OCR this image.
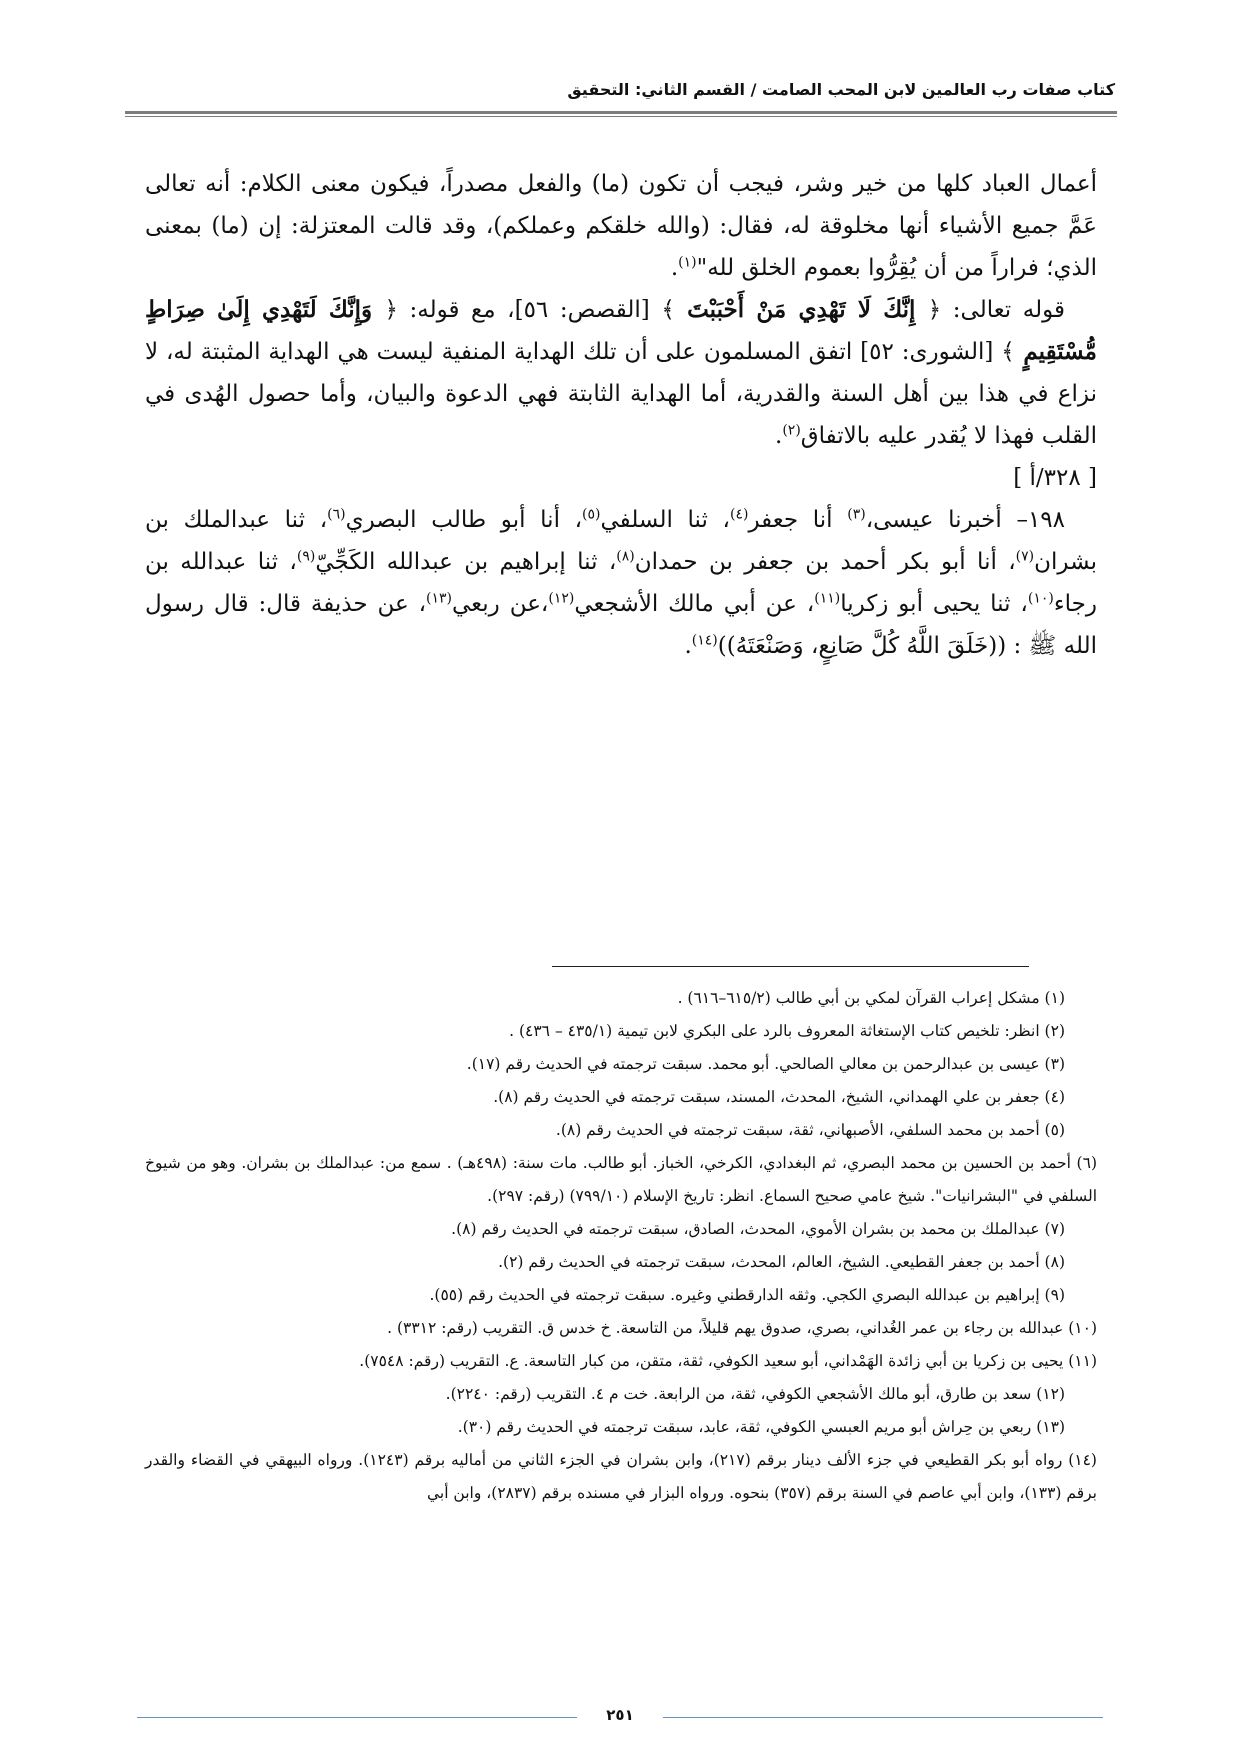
كتاب صفات رب العالمين لابن المحب الصامت / القسم الثاني: التحقيق

أعمال العباد كلها من خير وشر، فيجب أن تكون (ما) والفعل مصدراً، فيكون معنى الكلام: أنه تعالى عَمَّ جميع الأشياء أنها مخلوقة له، فقال: (والله خلقكم وعملكم)، وقد قالت المعتزلة: إن (ما) بمعنى الذي؛ فراراً من أن يُقِرُّوا بعموم الخلق لله"$^{(١)}$.

قوله تعالى: ﴿ إِنَّكَ لَا تَهْدِي مَنْ أَحْبَبْتَ ﴾ [القصص: ٥٦]، مع قوله: ﴿ وَإِنَّكَ لَتَهْدِي إِلَىٰ صِرَاطٍ مُّسْتَقِيمٍ ﴾ [الشورى: ٥٢] اتفق المسلمون على أن تلك الهداية المنفية ليست هي الهداية المثبتة له، لا نزاع في هذا بين أهل السنة والقدرية، أما الهداية الثابتة فهي الدعوة والبيان، وأما حصول الهُدى في القلب فهذا لا يُقدر عليه بالاتفاق$^{(٢)}$.

[ ٣٢٨/أ ]

١٩٨– أخبرنا عيسى،$^{(٣)}$ أنا جعفر$^{(٤)}$، ثنا السلفي$^{(٥)}$، أنا أبو طالب البصري$^{(٦)}$، ثنا عبدالملك بن بشران$^{(٧)}$، أنا أبو بكر أحمد بن جعفر بن حمدان$^{(٨)}$، ثنا إبراهيم بن عبدالله الكَجِّيّ$^{(٩)}$، ثنا عبدالله بن رجاء$^{(١٠)}$، ثنا يحيى أبو زكريا$^{(١١)}$، عن أبي مالك الأشجعي$^{(١٢)}$،عن ربعي$^{(١٣)}$، عن حذيفة قال: قال رسول الله ﷺ : ((خَلَقَ اللَّهُ كُلَّ صَانِعٍ، وَصَنْعَتَهُ))$^{(١٤)}$.

(١) مشكل إعراب القرآن لمكي بن أبي طالب (٦١٥/٢–٦١٦) .

(٢) انظر: تلخيص كتاب الإستغاثة المعروف بالرد على البكري لابن تيمية (٤٣٥/١ – ٤٣٦) .

(٣) عيسى بن عبدالرحمن بن معالي الصالحي. أبو محمد. سبقت ترجمته في الحديث رقم (١٧).

(٤) جعفر بن علي الهمداني، الشيخ، المحدث، المسند، سبقت ترجمته في الحديث رقم (٨).

(٥) أحمد بن محمد السلفي، الأصبهاني، ثقة، سبقت ترجمته في الحديث رقم (٨).

(٦) أحمد بن الحسين بن محمد البصري، ثم البغدادي، الكرخي، الخباز. أبو طالب. مات سنة: (٤٩٨هـ) . سمع من: عبدالملك بن بشران. وهو من شيوخ السلفي في "البشرانيات". شيخ عامي صحيح السماع. انظر: تاريخ الإسلام (٧٩٩/١٠) (رقم: ٢٩٧).

(٧) عبدالملك بن محمد بن بشران الأموي، المحدث، الصادق، سبقت ترجمته في الحديث رقم (٨).

(٨) أحمد بن جعفر القطيعي. الشيخ، العالم، المحدث، سبقت ترجمته في الحديث رقم (٢).

(٩) إبراهيم بن عبدالله البصري الكجي. وثقه الدارقطني وغيره. سبقت ترجمته في الحديث رقم (٥٥).

(١٠) عبدالله بن رجاء بن عمر الغُداني، بصري، صدوق يهم قليلاً، من التاسعة. خ خدس ق. التقريب (رقم: ٣٣١٢) .

(١١) يحيى بن زكريا بن أبي زائدة الهَمْداني، أبو سعيد الكوفي، ثقة، متقن، من كبار التاسعة. ع. التقريب (رقم: ٧٥٤٨).

(١٢) سعد بن طارق، أبو مالك الأشجعي الكوفي، ثقة، من الرابعة. خت م ٤. التقريب (رقم: ٢٢٤٠).

(١٣) ربعي بن حِراش أبو مريم العبسي الكوفي، ثقة، عابد، سبقت ترجمته في الحديث رقم (٣٠).

(١٤) رواه أبو بكر القطيعي في جزء الألف دينار برقم (٢١٧)، وابن بشران في الجزء الثاني من أماليه برقم (١٢٤٣). ورواه البيهقي في القضاء والقدر برقم (١٣٣)، وابن أبي عاصم في السنة برقم (٣٥٧) بنحوه. ورواه البزار في مسنده برقم (٢٨٣٧)، وابن أبي

٢٥١
